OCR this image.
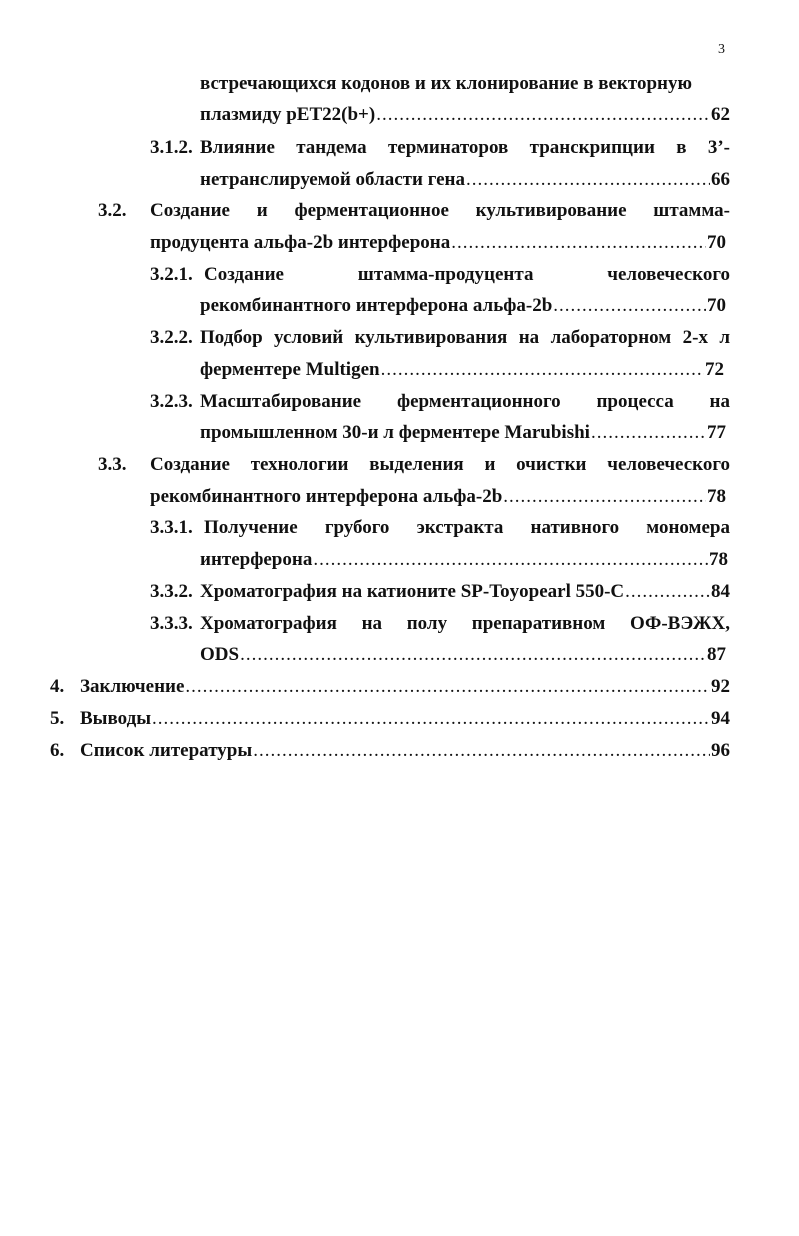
3
встречающихся кодонов и их клонирование в векторную
плазмиду pET22(b+) .....	62
3.1.2. Влияние тандема терминаторов транскрипции в 3’-
нетранслируемой области гена .....	66
3.2. Создание и ферментационное культивирование штамма-
продуцента альфа-2b интерферона .....	70
3.2.1. Создание штамма-продуцента человеческого
рекомбинантного интерферона альфа-2b .....	70
3.2.2. Подбор условий культивирования на лабораторном 2-х л
ферментере Multigen .....	72
3.2.3. Масштабирование ферментационного процесса на
промышленном 30-и л ферментере Marubishi .....	77
3.3. Создание технологии выделения и очистки человеческого
рекомбинантного интерферона альфа-2b .....	78
3.3.1. Получение грубого экстракта нативного мономера
интерферона .....	78
3.3.2. Хроматография на катионите SP-Toyopearl 550-C .....	84
3.3.3. Хроматография на полу препаративном ОФ-ВЭЖХ,
ODS .....	87
4. Заключение .....	92
5. Выводы .....	94
6. Список литературы .....	96
